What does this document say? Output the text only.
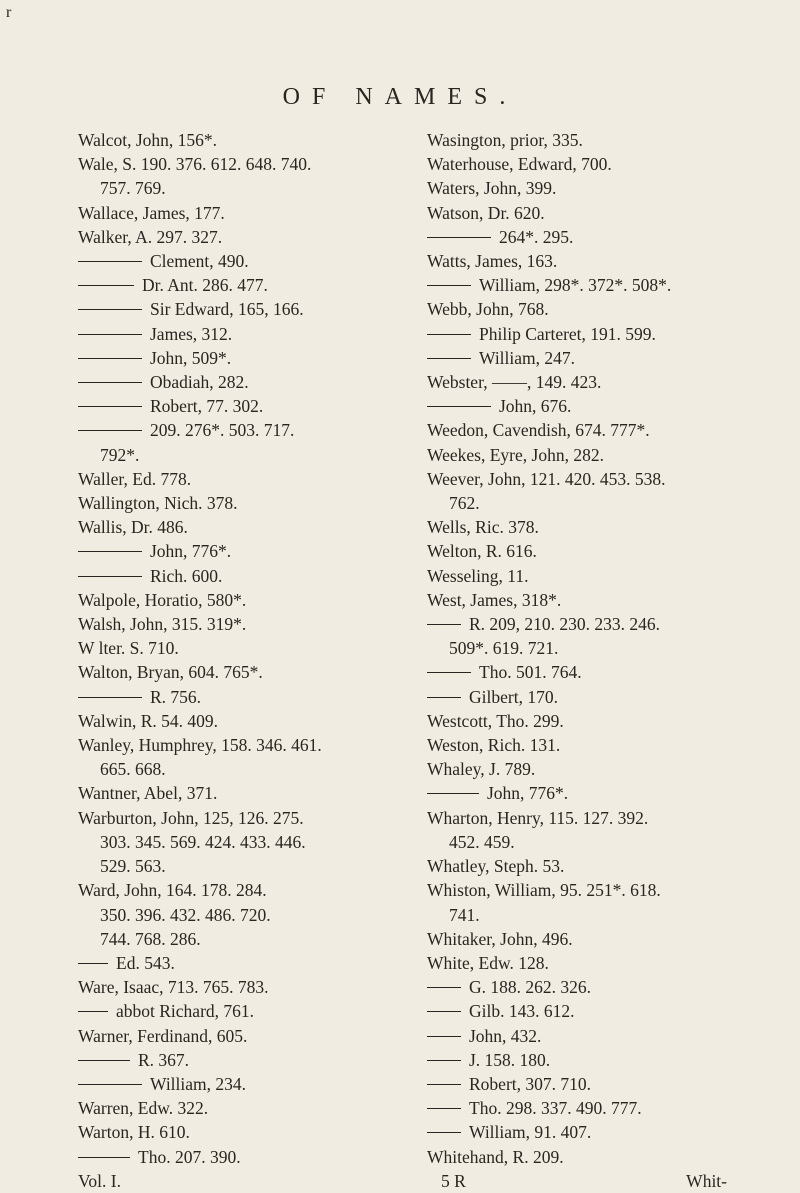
r
OF NAMES.
Walcot, John, 156*.
Wale, S. 190. 376. 612. 648. 740.
757. 769.
Wallace, James, 177.
Walker, A. 297. 327.
Clement, 490.
Dr. Ant. 286. 477.
Sir Edward, 165, 166.
James, 312.
John, 509*.
Obadiah, 282.
Robert, 77. 302.
209. 276*. 503. 717.
792*.
Waller, Ed. 778.
Wallington, Nich. 378.
Wallis, Dr. 486.
John, 776*.
Rich. 600.
Walpole, Horatio, 580*.
Walsh, John, 315. 319*.
W lter. S. 710.
Walton, Bryan, 604. 765*.
R. 756.
Walwin, R. 54. 409.
Wanley, Humphrey, 158. 346. 461.
665. 668.
Wantner, Abel, 371.
Warburton, John, 125, 126. 275.
303. 345. 569. 424. 433. 446.
529. 563.
Ward, John, 164. 178. 284.
350. 396. 432. 486. 720.
744. 768. 286.
Ed. 543.
Ware, Isaac, 713. 765. 783.
abbot Richard, 761.
Warner, Ferdinand, 605.
R. 367.
William, 234.
Warren, Edw. 322.
Warton, H. 610.
Tho. 207. 390.
Vol. I.
Wasington, prior, 335.
Waterhouse, Edward, 700.
Waters, John, 399.
Watson, Dr. 620.
264*. 295.
Watts, James, 163.
William, 298*. 372*. 508*.
Webb, John, 768.
Philip Carteret, 191. 599.
William, 247.
Webster, ——, 149. 423.
John, 676.
Weedon, Cavendish, 674. 777*.
Weekes, Eyre, John, 282.
Weever, John, 121. 420. 453. 538.
762.
Wells, Ric. 378.
Welton, R. 616.
Wesseling, 11.
West, James, 318*.
R. 209, 210. 230. 233. 246.
509*. 619. 721.
Tho. 501. 764.
Gilbert, 170.
Westcott, Tho. 299.
Weston, Rich. 131.
Whaley, J. 789.
John, 776*.
Wharton, Henry, 115. 127. 392.
452. 459.
Whatley, Steph. 53.
Whiston, William, 95. 251*. 618.
741.
Whitaker, John, 496.
White, Edw. 128.
G. 188. 262. 326.
Gilb. 143. 612.
John, 432.
J. 158. 180.
Robert, 307. 710.
Tho. 298. 337. 490. 777.
William, 91. 407.
Whitehand, R. 209.
5 R	Whit-
